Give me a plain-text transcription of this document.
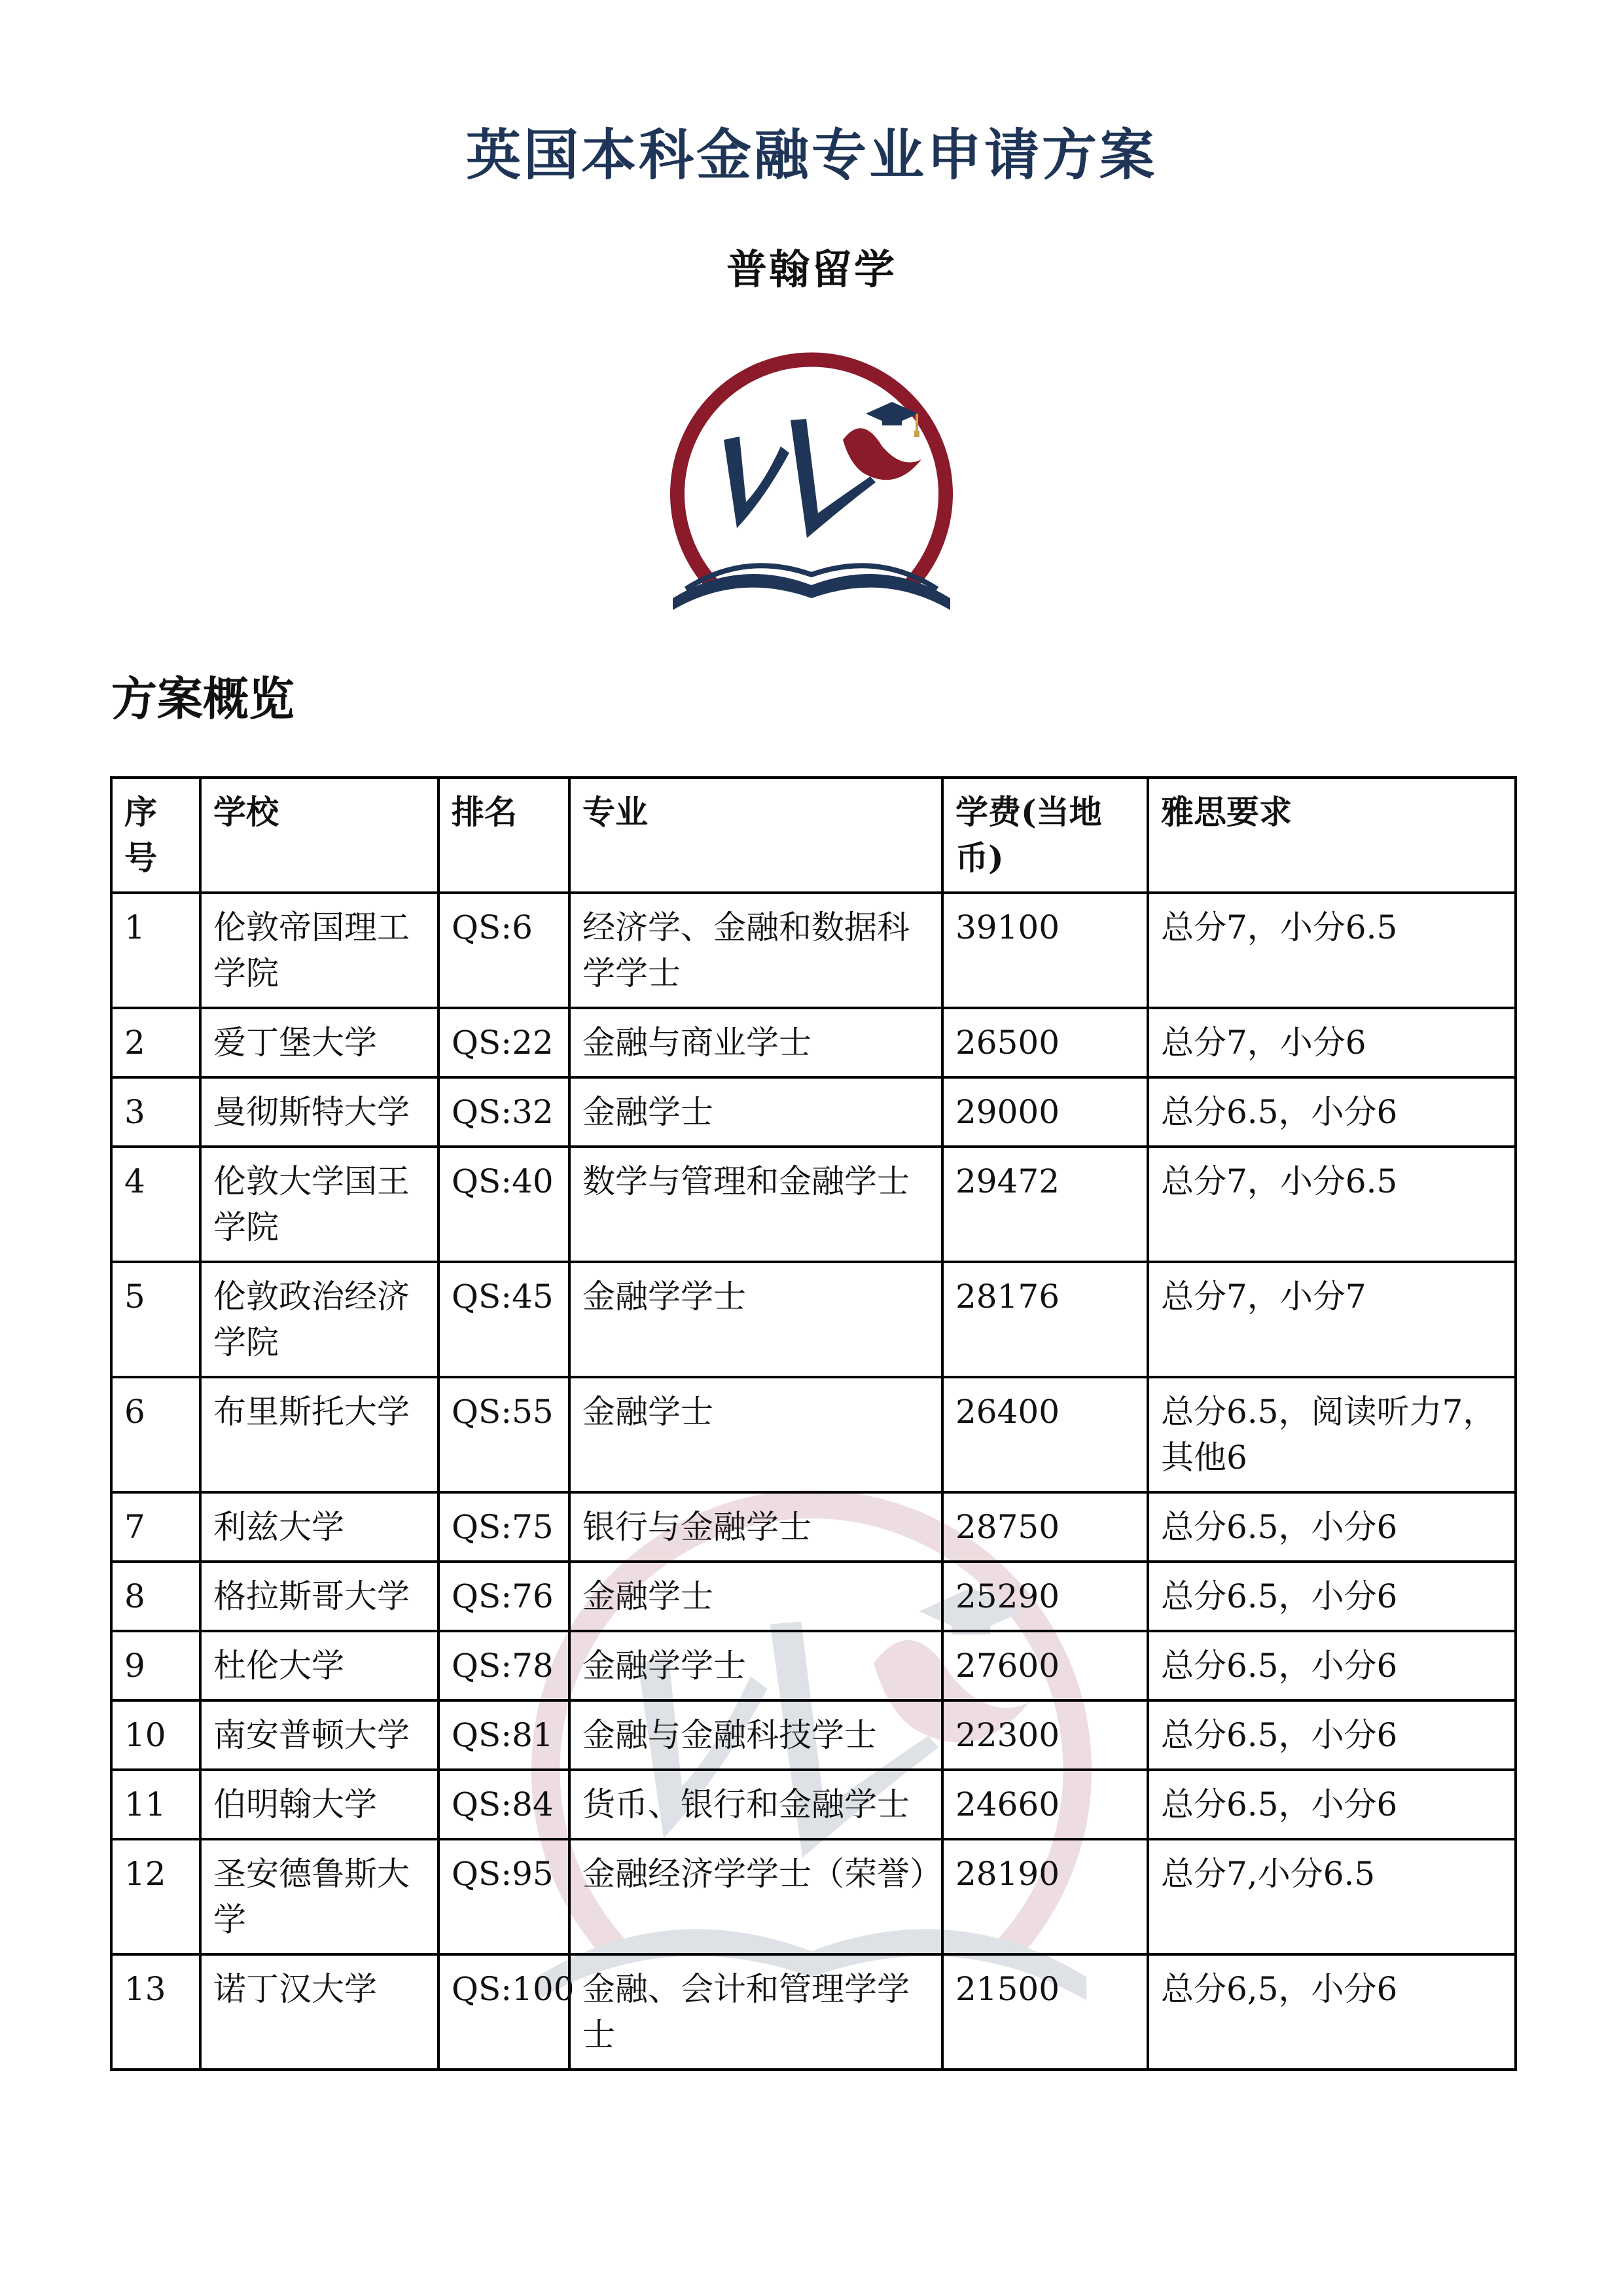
英国本科金融专业申请方案
普翰留学
方案概览
序号	学校	排名	专业	学费(当地币)	雅思要求
1	伦敦帝国理工学院	QS:6	经济学、金融和数据科学学士	39100	总分7，小分6.5
2	爱丁堡大学	QS:22	金融与商业学士	26500	总分7，小分6
3	曼彻斯特大学	QS:32	金融学士	29000	总分6.5，小分6
4	伦敦大学国王学院	QS:40	数学与管理和金融学士	29472	总分7，小分6.5
5	伦敦政治经济学院	QS:45	金融学学士	28176	总分7，小分7
6	布里斯托大学	QS:55	金融学士	26400	总分6.5，阅读听力7，其他6
7	利兹大学	QS:75	银行与金融学士	28750	总分6.5，小分6
8	格拉斯哥大学	QS:76	金融学士	25290	总分6.5，小分6
9	杜伦大学	QS:78	金融学学士	27600	总分6.5，小分6
10	南安普顿大学	QS:81	金融与金融科技学士	22300	总分6.5，小分6
11	伯明翰大学	QS:84	货币、银行和金融学士	24660	总分6.5，小分6
12	圣安德鲁斯大学	QS:95	金融经济学学士（荣誉）	28190	总分7,小分6.5
13	诺丁汉大学	QS:100	金融、会计和管理学学士	21500	总分6,5，小分6
